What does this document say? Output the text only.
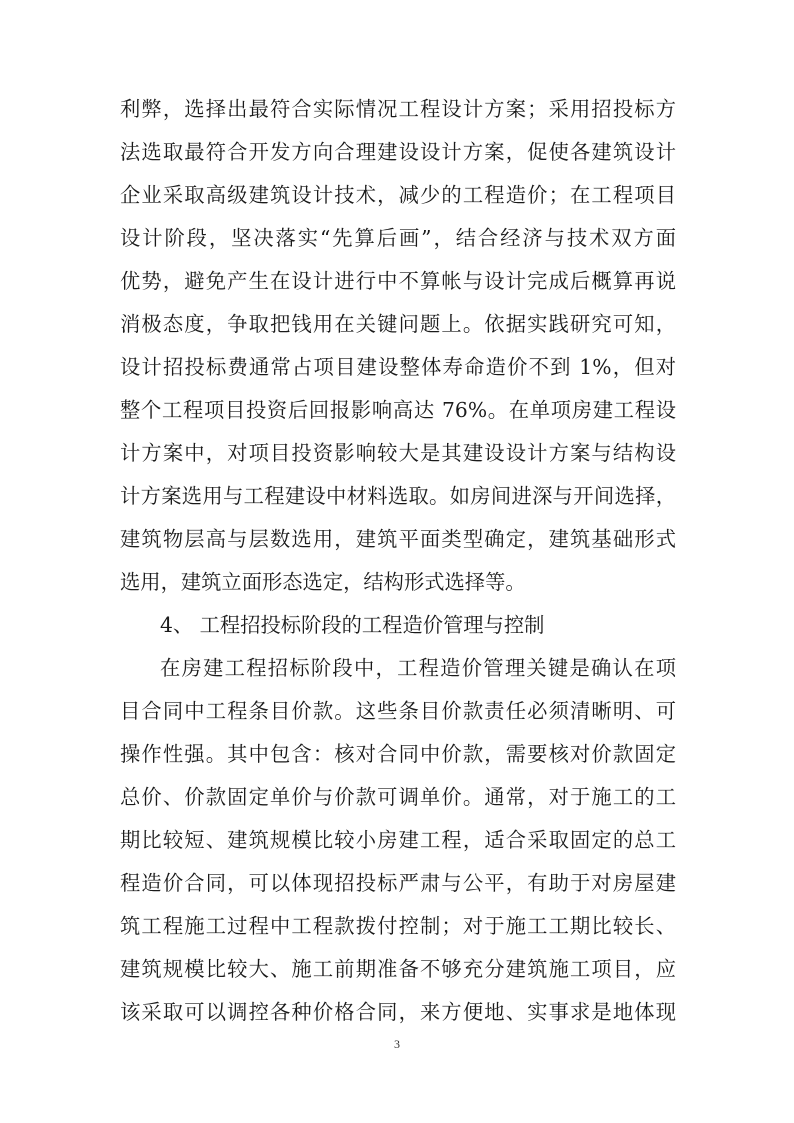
利弊，选择出最符合实际情况工程设计方案；采用招投标方
法选取最符合开发方向合理建设设计方案，促使各建筑设计
企业采取高级建筑设计技术，减少的工程造价；在工程项目
设计阶段，坚决落实“先算后画”，结合经济与技术双方面
优势，避免产生在设计进行中不算帐与设计完成后概算再说
消极态度，争取把钱用在关键问题上。依据实践研究可知，
设计招投标费通常占项目建设整体寿命造价不到 1%，但对
整个工程项目投资后回报影响高达 76%。在单项房建工程设
计方案中，对项目投资影响较大是其建设设计方案与结构设
计方案选用与工程建设中材料选取。如房间进深与开间选择，
建筑物层高与层数选用，建筑平面类型确定，建筑基础形式
选用，建筑立面形态选定，结构形式选择等。
4、 工程招投标阶段的工程造价管理与控制
在房建工程招标阶段中，工程造价管理关键是确认在项
目合同中工程条目价款。这些条目价款责任必须清晰明、可
操作性强。其中包含：核对合同中价款，需要核对价款固定
总价、价款固定单价与价款可调单价。通常，对于施工的工
期比较短、建筑规模比较小房建工程，适合采取固定的总工
程造价合同，可以体现招投标严肃与公平，有助于对房屋建
筑工程施工过程中工程款拨付控制；对于施工工期比较长、
建筑规模比较大、施工前期准备不够充分建筑施工项目，应
该采取可以调控各种价格合同，来方便地、实事求是地体现
3
